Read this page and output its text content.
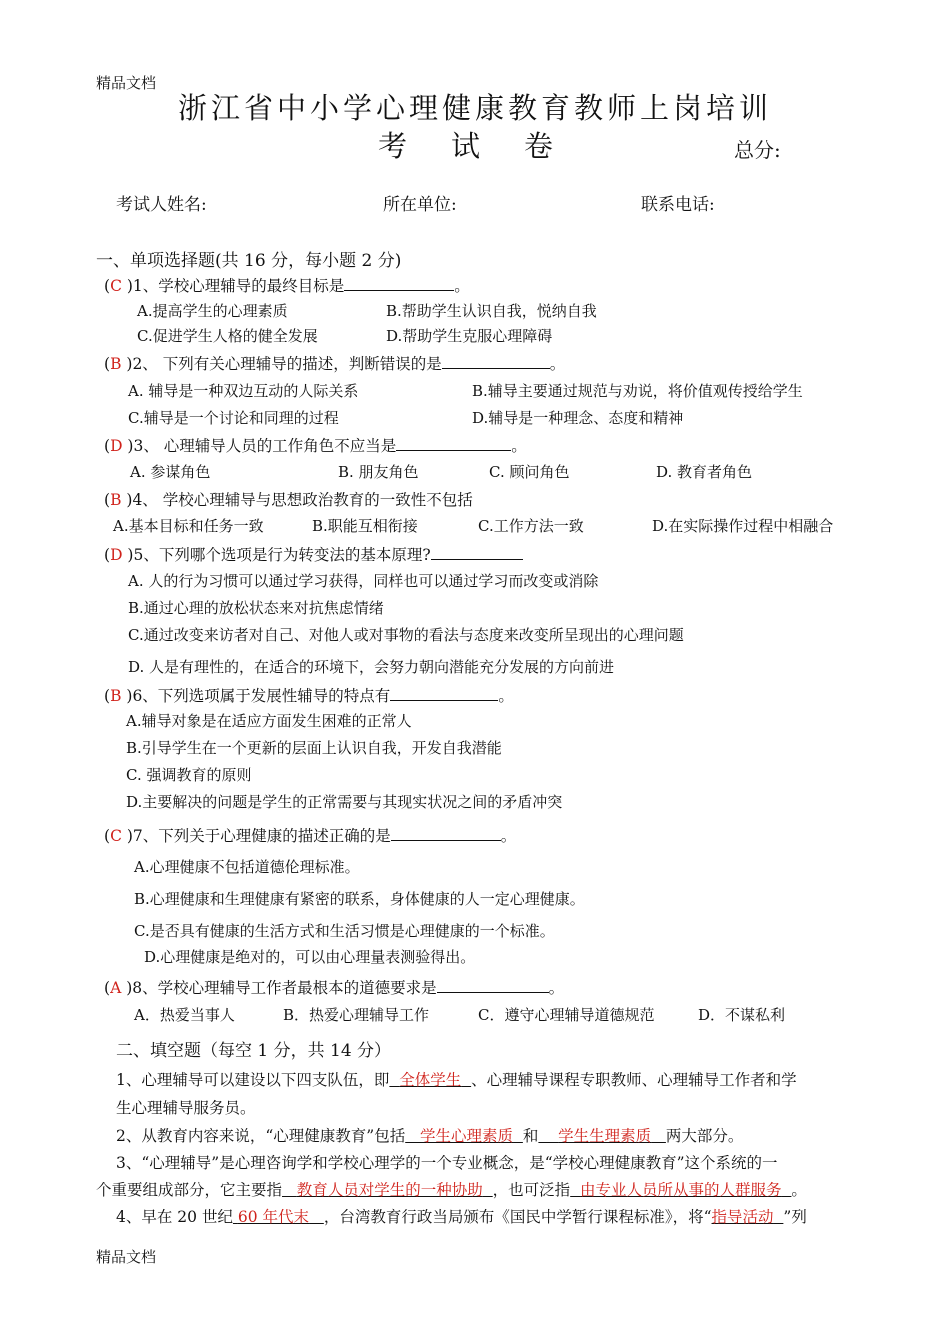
精品文档
浙江省中小学心理健康教育教师上岗培训
考 试 卷	总分:
考试人姓名:	所在单位:	联系电话:
一、单项选择题(共 16 分，每小题 2 分)
(C )1、学校心理辅导的最终目标是	。
A.提高学生的心理素质	B.帮助学生认识自我，悦纳自我
C.促进学生人格的健全发展	D.帮助学生克服心理障碍
(B )2、 下列有关心理辅导的描述，判断错误的是	。
A. 辅导是一种双边互动的人际关系	B.辅导主要通过规范与劝说，将价值观传授给学生
C.辅导是一个讨论和同理的过程	D.辅导是一种理念、态度和精神
(D )3、 心理辅导人员的工作角色不应当是	。
A. 参谋角色	B. 朋友角色	C. 顾问角色	D. 教育者角色
(B )4、 学校心理辅导与思想政治教育的一致性不包括
A.基本目标和任务一致	B.职能互相衔接	C.工作方法一致	D.在实际操作过程中相融合
(D )5、下列哪个选项是行为转变法的基本原理?
A. 人的行为习惯可以通过学习获得，同样也可以通过学习而改变或消除
B.通过心理的放松状态来对抗焦虑情绪
C.通过改变来访者对自己、对他人或对事物的看法与态度来改变所呈现出的心理问题
D. 人是有理性的，在适合的环境下，会努力朝向潜能充分发展的方向前进
(B )6、下列选项属于发展性辅导的特点有	。
A.辅导对象是在适应方面发生困难的正常人
B.引导学生在一个更新的层面上认识自我，开发自我潜能
C. 强调教育的原则
D.主要解决的问题是学生的正常需要与其现实状况之间的矛盾冲突
(C )7、下列关于心理健康的描述正确的是	。
A.心理健康不包括道德伦理标准。
B.心理健康和生理健康有紧密的联系，身体健康的人一定心理健康。
C.是否具有健康的生活方式和生活习惯是心理健康的一个标准。
D.心理健康是绝对的，可以由心理量表测验得出。
(A )8、学校心理辅导工作者最根本的道德要求是	。
A．热爱当事人	B．热爱心理辅导工作	C．遵守心理辅导道德规范	D．不谋私利
二、填空题（每空 1 分，共 14 分）
1、心理辅导可以建设以下四支队伍，即 全体学生 、心理辅导课程专职教师、心理辅导工作者和学
生心理辅导服务员。
2、从教育内容来说，“心理健康教育”包括 学生心理素质 和 学生生理素质 两大部分。
3、“心理辅导”是心理咨询学和学校心理学的一个专业概念，是“学校心理健康教育”这个系统的一
个重要组成部分，它主要指 教育人员对学生的一种协助 ，也可泛指 由专业人员所从事的人群服务 。
4、早在 20 世纪 60 年代末 ，台湾教育行政当局颁布《国民中学暂行课程标准》，将“指导活动 ”列
精品文档
